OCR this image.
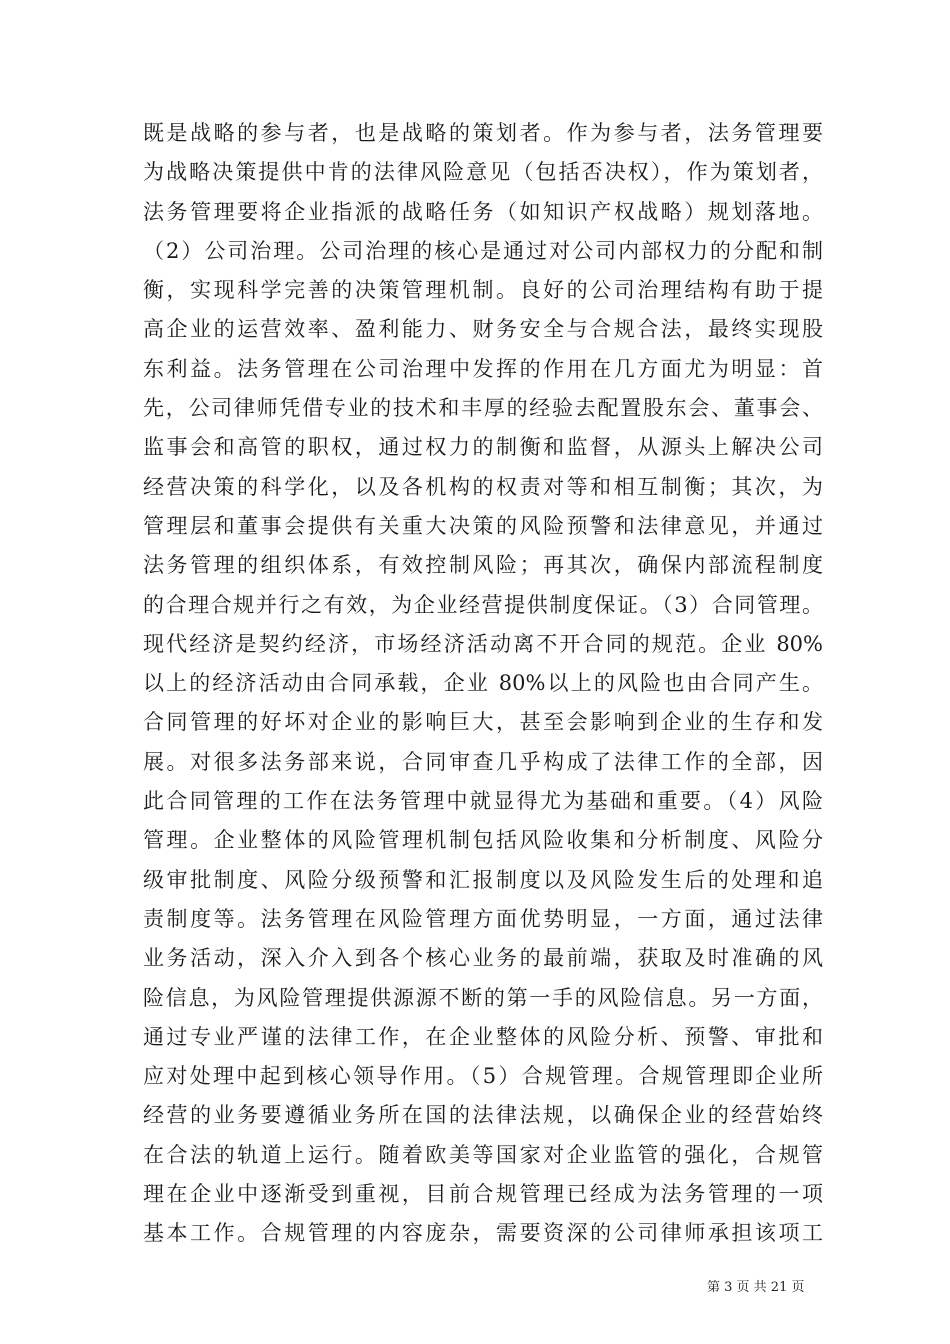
既是战略的参与者，也是战略的策划者。作为参与者，法务管理要
为战略决策提供中肯的法律风险意见（包括否决权），作为策划者，
法务管理要将企业指派的战略任务（如知识产权战略）规划落地。
（2）公司治理。公司治理的核心是通过对公司内部权力的分配和制
衡，实现科学完善的决策管理机制。良好的公司治理结构有助于提
高企业的运营效率、盈利能力、财务安全与合规合法，最终实现股
东利益。法务管理在公司治理中发挥的作用在几方面尤为明显：首
先，公司律师凭借专业的技术和丰厚的经验去配置股东会、董事会、
监事会和高管的职权，通过权力的制衡和监督，从源头上解决公司
经营决策的科学化，以及各机构的权责对等和相互制衡；其次，为
管理层和董事会提供有关重大决策的风险预警和法律意见，并通过
法务管理的组织体系，有效控制风险；再其次，确保内部流程制度
的合理合规并行之有效，为企业经营提供制度保证。（3）合同管理。
现代经济是契约经济，市场经济活动离不开合同的规范。企业 80%
以上的经济活动由合同承载，企业 80%以上的风险也由合同产生。
合同管理的好坏对企业的影响巨大，甚至会影响到企业的生存和发
展。对很多法务部来说，合同审查几乎构成了法律工作的全部，因
此合同管理的工作在法务管理中就显得尤为基础和重要。（4）风险
管理。企业整体的风险管理机制包括风险收集和分析制度、风险分
级审批制度、风险分级预警和汇报制度以及风险发生后的处理和追
责制度等。法务管理在风险管理方面优势明显，一方面，通过法律
业务活动，深入介入到各个核心业务的最前端，获取及时准确的风
险信息，为风险管理提供源源不断的第一手的风险信息。另一方面，
通过专业严谨的法律工作，在企业整体的风险分析、预警、审批和
应对处理中起到核心领导作用。（5）合规管理。合规管理即企业所
经营的业务要遵循业务所在国的法律法规，以确保企业的经营始终
在合法的轨道上运行。随着欧美等国家对企业监管的强化，合规管
理在企业中逐渐受到重视，目前合规管理已经成为法务管理的一项
基本工作。合规管理的内容庞杂，需要资深的公司律师承担该项工
第 3 页 共 21 页
